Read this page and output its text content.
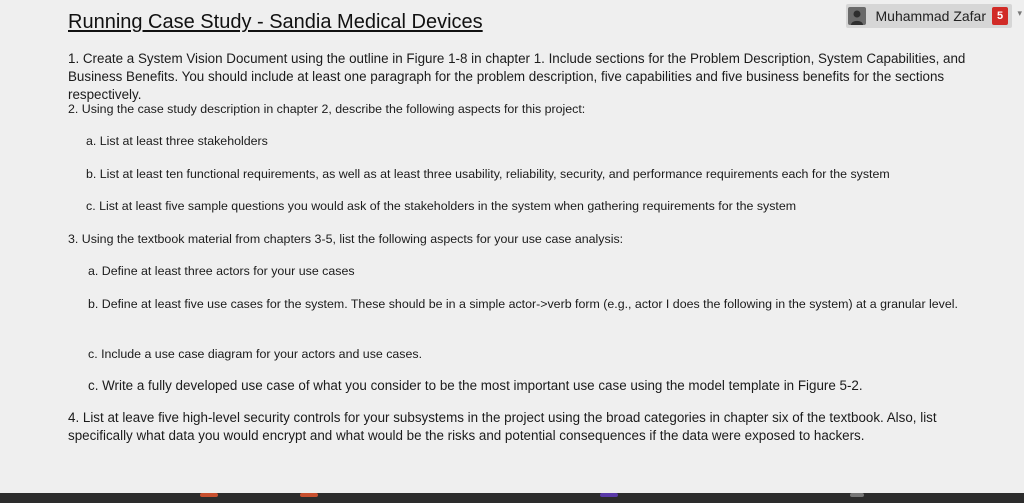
Running Case Study - Sandia Medical Devices	Muhammad Zafar 5	▾
1. Create a System Vision Document using the outline in Figure 1-8 in chapter 1. Include sections for the Problem Description, System Capabilities, and Business Benefits. You should include at least one paragraph for the problem description, five capabilities and five business benefits for the sections respectively.
2. Using the case study description in chapter 2, describe the following aspects for this project:
a. List at least three stakeholders
b. List at least ten functional requirements, as well as at least three usability, reliability, security, and performance requirements each for the system
c. List at least five sample questions you would ask of the stakeholders in the system when gathering requirements for the system
3. Using the textbook material from chapters 3-5, list the following aspects for your use case analysis:
a. Define at least three actors for your use cases
b. Define at least five use cases for the system. These should be in a simple actor->verb form (e.g., actor I does the following in the system) at a granular level.
c. Include a use case diagram for your actors and use cases.
c. Write a fully developed use case of what you consider to be the most important use case using the model template in Figure 5-2.
4. List at leave five high-level security controls for your subsystems in the project using the broad categories in chapter six of the textbook. Also, list specifically what data you would encrypt and what would be the risks and potential consequences if the data were exposed to hackers.
